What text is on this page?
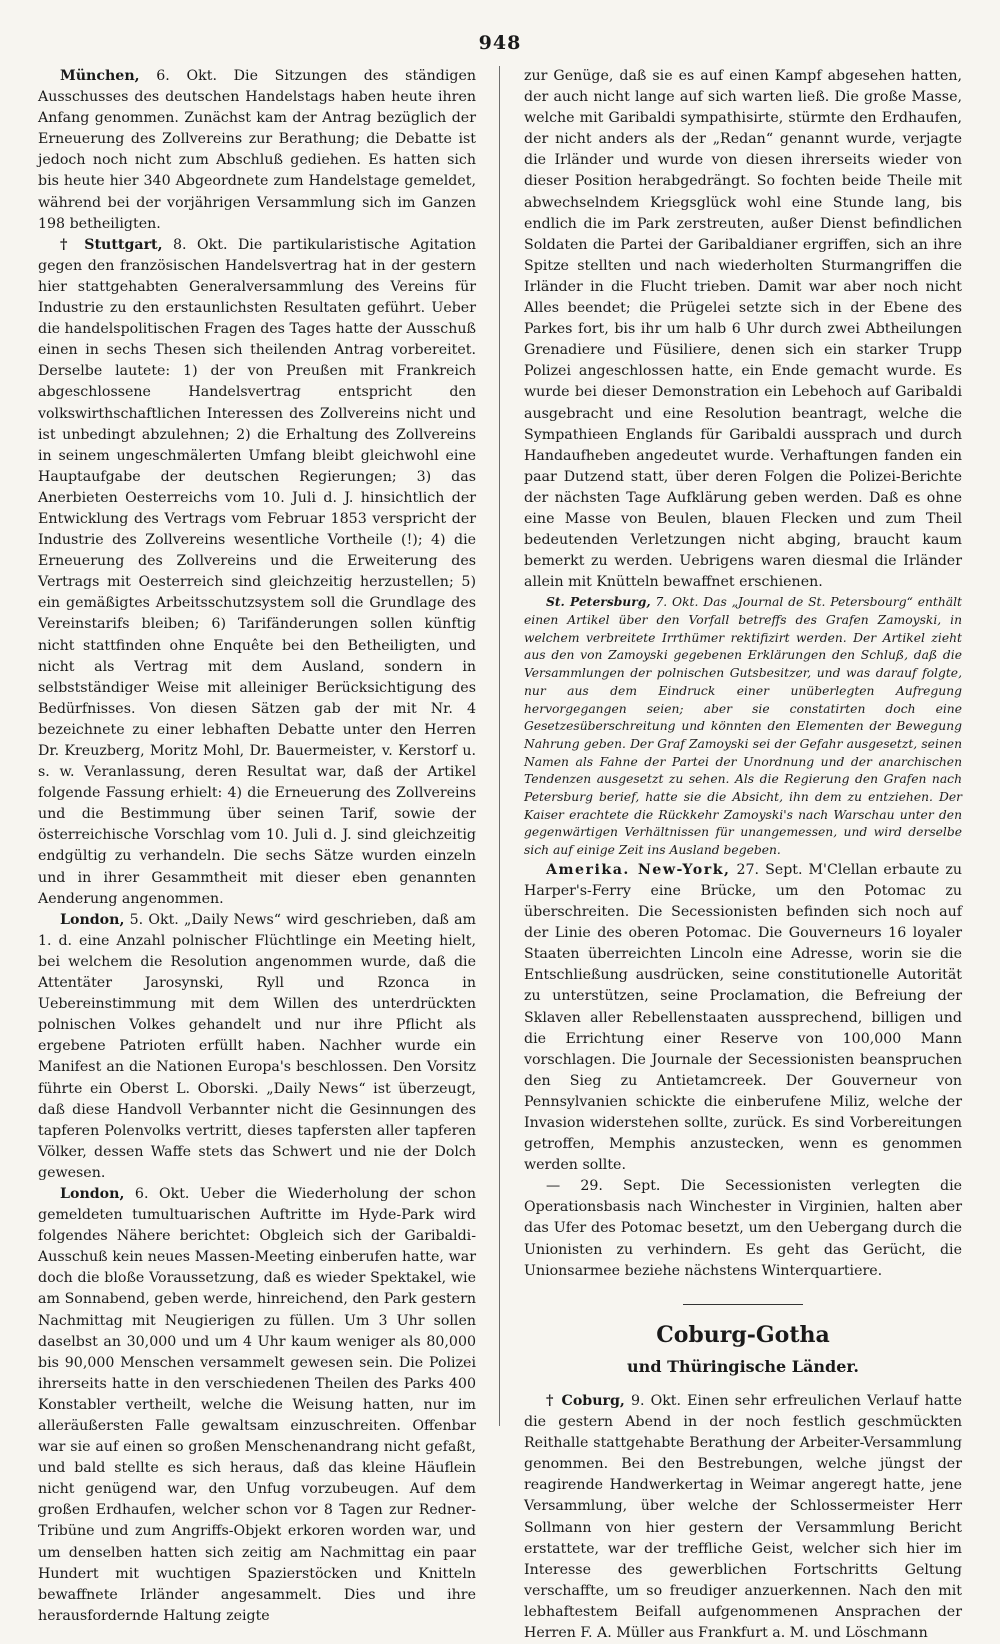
948

München, 6. Okt. Die Sitzungen des ständigen Ausschusses des deutschen Handelstags haben heute ihren Anfang genommen. Zunächst kam der Antrag bezüglich der Erneuerung des Zollvereins zur Berathung; die Debatte ist jedoch noch nicht zum Abschluß gediehen. Es hatten sich bis heute hier 340 Abgeordnete zum Handelstage gemeldet, während bei der vorjährigen Versammlung sich im Ganzen 198 betheiligten.

† Stuttgart, 8. Okt. Die partikularistische Agitation gegen den französischen Handelsvertrag hat in der gestern hier stattgehabten Generalversammlung des Vereins für Industrie zu den erstaunlichsten Resultaten geführt. Ueber die handelspolitischen Fragen des Tages hatte der Ausschuß einen in sechs Thesen sich theilenden Antrag vorbereitet. Derselbe lautete: 1) der von Preußen mit Frankreich abgeschlossene Handelsvertrag entspricht den volkswirthschaftlichen Interessen des Zollvereins nicht und ist unbedingt abzulehnen; 2) die Erhaltung des Zollvereins in seinem ungeschmälerten Umfang bleibt gleichwohl eine Hauptaufgabe der deutschen Regierungen; 3) das Anerbieten Oesterreichs vom 10. Juli d. J. hinsichtlich der Entwicklung des Vertrags vom Februar 1853 verspricht der Industrie des Zollvereins wesentliche Vortheile (!); 4) die Erneuerung des Zollvereins und die Erweiterung des Vertrags mit Oesterreich sind gleichzeitig herzustellen; 5) ein gemäßigtes Arbeitsschutzsystem soll die Grundlage des Vereinstarifs bleiben; 6) Tarifänderungen sollen künftig nicht stattfinden ohne Enquête bei den Betheiligten, und nicht als Vertrag mit dem Ausland, sondern in selbstständiger Weise mit alleiniger Berücksichtigung des Bedürfnisses. Von diesen Sätzen gab der mit Nr. 4 bezeichnete zu einer lebhaften Debatte unter den Herren Dr. Kreuzberg, Moritz Mohl, Dr. Bauermeister, v. Kerstorf u. s. w. Veranlassung, deren Resultat war, daß der Artikel folgende Fassung erhielt: 4) die Erneuerung des Zollvereins und die Bestimmung über seinen Tarif, sowie der österreichische Vorschlag vom 10. Juli d. J. sind gleichzeitig endgültig zu verhandeln. Die sechs Sätze wurden einzeln und in ihrer Gesammtheit mit dieser eben genannten Aenderung angenommen.

London, 5. Okt. „Daily News“ wird geschrieben, daß am 1. d. eine Anzahl polnischer Flüchtlinge ein Meeting hielt, bei welchem die Resolution angenommen wurde, daß die Attentäter Jarosynski, Ryll und Rzonca in Uebereinstimmung mit dem Willen des unterdrückten polnischen Volkes gehandelt und nur ihre Pflicht als ergebene Patrioten erfüllt haben. Nachher wurde ein Manifest an die Nationen Europa's beschlossen. Den Vorsitz führte ein Oberst L. Oborski. „Daily News“ ist überzeugt, daß diese Handvoll Verbannter nicht die Gesinnungen des tapferen Polenvolks vertritt, dieses tapfersten aller tapferen Völker, dessen Waffe stets das Schwert und nie der Dolch gewesen.

London, 6. Okt. Ueber die Wiederholung der schon gemeldeten tumultuarischen Auftritte im Hyde-Park wird folgendes Nähere berichtet: Obgleich sich der Garibaldi-Ausschuß kein neues Massen-Meeting einberufen hatte, war doch die bloße Voraussetzung, daß es wieder Spektakel, wie am Sonnabend, geben werde, hinreichend, den Park gestern Nachmittag mit Neugierigen zu füllen. Um 3 Uhr sollen daselbst an 30,000 und um 4 Uhr kaum weniger als 80,000 bis 90,000 Menschen versammelt gewesen sein. Die Polizei ihrerseits hatte in den verschiedenen Theilen des Parks 400 Konstabler vertheilt, welche die Weisung hatten, nur im alleräußersten Falle gewaltsam einzuschreiten. Offenbar war sie auf einen so großen Menschenandrang nicht gefaßt, und bald stellte es sich heraus, daß das kleine Häuflein nicht genügend war, den Unfug vorzubeugen. Auf dem großen Erdhaufen, welcher schon vor 8 Tagen zur Redner-Tribüne und zum Angriffs-Objekt erkoren worden war, und um denselben hatten sich zeitig am Nachmittag ein paar Hundert mit wuchtigen Spazierstöcken und Knitteln bewaffnete Irländer angesammelt. Dies und ihre herausfordernde Haltung zeigte

zur Genüge, daß sie es auf einen Kampf abgesehen hatten, der auch nicht lange auf sich warten ließ. Die große Masse, welche mit Garibaldi sympathisirte, stürmte den Erdhaufen, der nicht anders als der „Redan“ genannt wurde, verjagte die Irländer und wurde von diesen ihrerseits wieder von dieser Position herabgedrängt. So fochten beide Theile mit abwechselndem Kriegsglück wohl eine Stunde lang, bis endlich die im Park zerstreuten, außer Dienst befindlichen Soldaten die Partei der Garibaldianer ergriffen, sich an ihre Spitze stellten und nach wiederholten Sturmangriffen die Irländer in die Flucht trieben. Damit war aber noch nicht Alles beendet; die Prügelei setzte sich in der Ebene des Parkes fort, bis ihr um halb 6 Uhr durch zwei Abtheilungen Grenadiere und Füsiliere, denen sich ein starker Trupp Polizei angeschlossen hatte, ein Ende gemacht wurde. Es wurde bei dieser Demonstration ein Lebehoch auf Garibaldi ausgebracht und eine Resolution beantragt, welche die Sympathieen Englands für Garibaldi aussprach und durch Handaufheben angedeutet wurde. Verhaftungen fanden ein paar Dutzend statt, über deren Folgen die Polizei-Berichte der nächsten Tage Aufklärung geben werden. Daß es ohne eine Masse von Beulen, blauen Flecken und zum Theil bedeutenden Verletzungen nicht abging, braucht kaum bemerkt zu werden. Uebrigens waren diesmal die Irländer allein mit Knütteln bewaffnet erschienen.

St. Petersburg, 7. Okt. Das „Journal de St. Petersbourg“ enthält einen Artikel über den Vorfall betreffs des Grafen Zamoyski, in welchem verbreitete Irrthümer rektifizirt werden. Der Artikel zieht aus den von Zamoyski gegebenen Erklärungen den Schluß, daß die Versammlungen der polnischen Gutsbesitzer, und was darauf folgte, nur aus dem Eindruck einer unüberlegten Aufregung hervorgegangen seien; aber sie constatirten doch eine Gesetzesüberschreitung und könnten den Elementen der Bewegung Nahrung geben. Der Graf Zamoyski sei der Gefahr ausgesetzt, seinen Namen als Fahne der Partei der Unordnung und der anarchischen Tendenzen ausgesetzt zu sehen. Als die Regierung den Grafen nach Petersburg berief, hatte sie die Absicht, ihn dem zu entziehen. Der Kaiser erachtete die Rückkehr Zamoyski's nach Warschau unter den gegenwärtigen Verhältnissen für unangemessen, und wird derselbe sich auf einige Zeit ins Ausland begeben.

Amerika. New-York, 27. Sept. M'Clellan erbaute zu Harper's-Ferry eine Brücke, um den Potomac zu überschreiten. Die Secessionisten befinden sich noch auf der Linie des oberen Potomac. Die Gouverneurs 16 loyaler Staaten überreichten Lincoln eine Adresse, worin sie die Entschließung ausdrücken, seine constitutionelle Autorität zu unterstützen, seine Proclamation, die Befreiung der Sklaven aller Rebellenstaaten aussprechend, billigen und die Errichtung einer Reserve von 100,000 Mann vorschlagen. Die Journale der Secessionisten beanspruchen den Sieg zu Antietamcreek. Der Gouverneur von Pennsylvanien schickte die einberufene Miliz, welche der Invasion widerstehen sollte, zurück. Es sind Vorbereitungen getroffen, Memphis anzustecken, wenn es genommen werden sollte.

— 29. Sept. Die Secessionisten verlegten die Operationsbasis nach Winchester in Virginien, halten aber das Ufer des Potomac besetzt, um den Uebergang durch die Unionisten zu verhindern. Es geht das Gerücht, die Unionsarmee beziehe nächstens Winterquartiere.

Coburg-Gotha
und Thüringische Länder.

† Coburg, 9. Okt. Einen sehr erfreulichen Verlauf hatte die gestern Abend in der noch festlich geschmückten Reithalle stattgehabte Berathung der Arbeiter-Versammlung genommen. Bei den Bestrebungen, welche jüngst der reagirende Handwerkertag in Weimar angeregt hatte, jene Versammlung, über welche der Schlossermeister Herr Sollmann von hier gestern der Versammlung Bericht erstattete, war der treffliche Geist, welcher sich hier im Interesse des gewerblichen Fortschritts Geltung verschaffte, um so freudiger anzuerkennen. Nach den mit lebhaftestem Beifall aufgenommenen Ansprachen der Herren F. A. Müller aus Frankfurt a. M. und Löschmann
